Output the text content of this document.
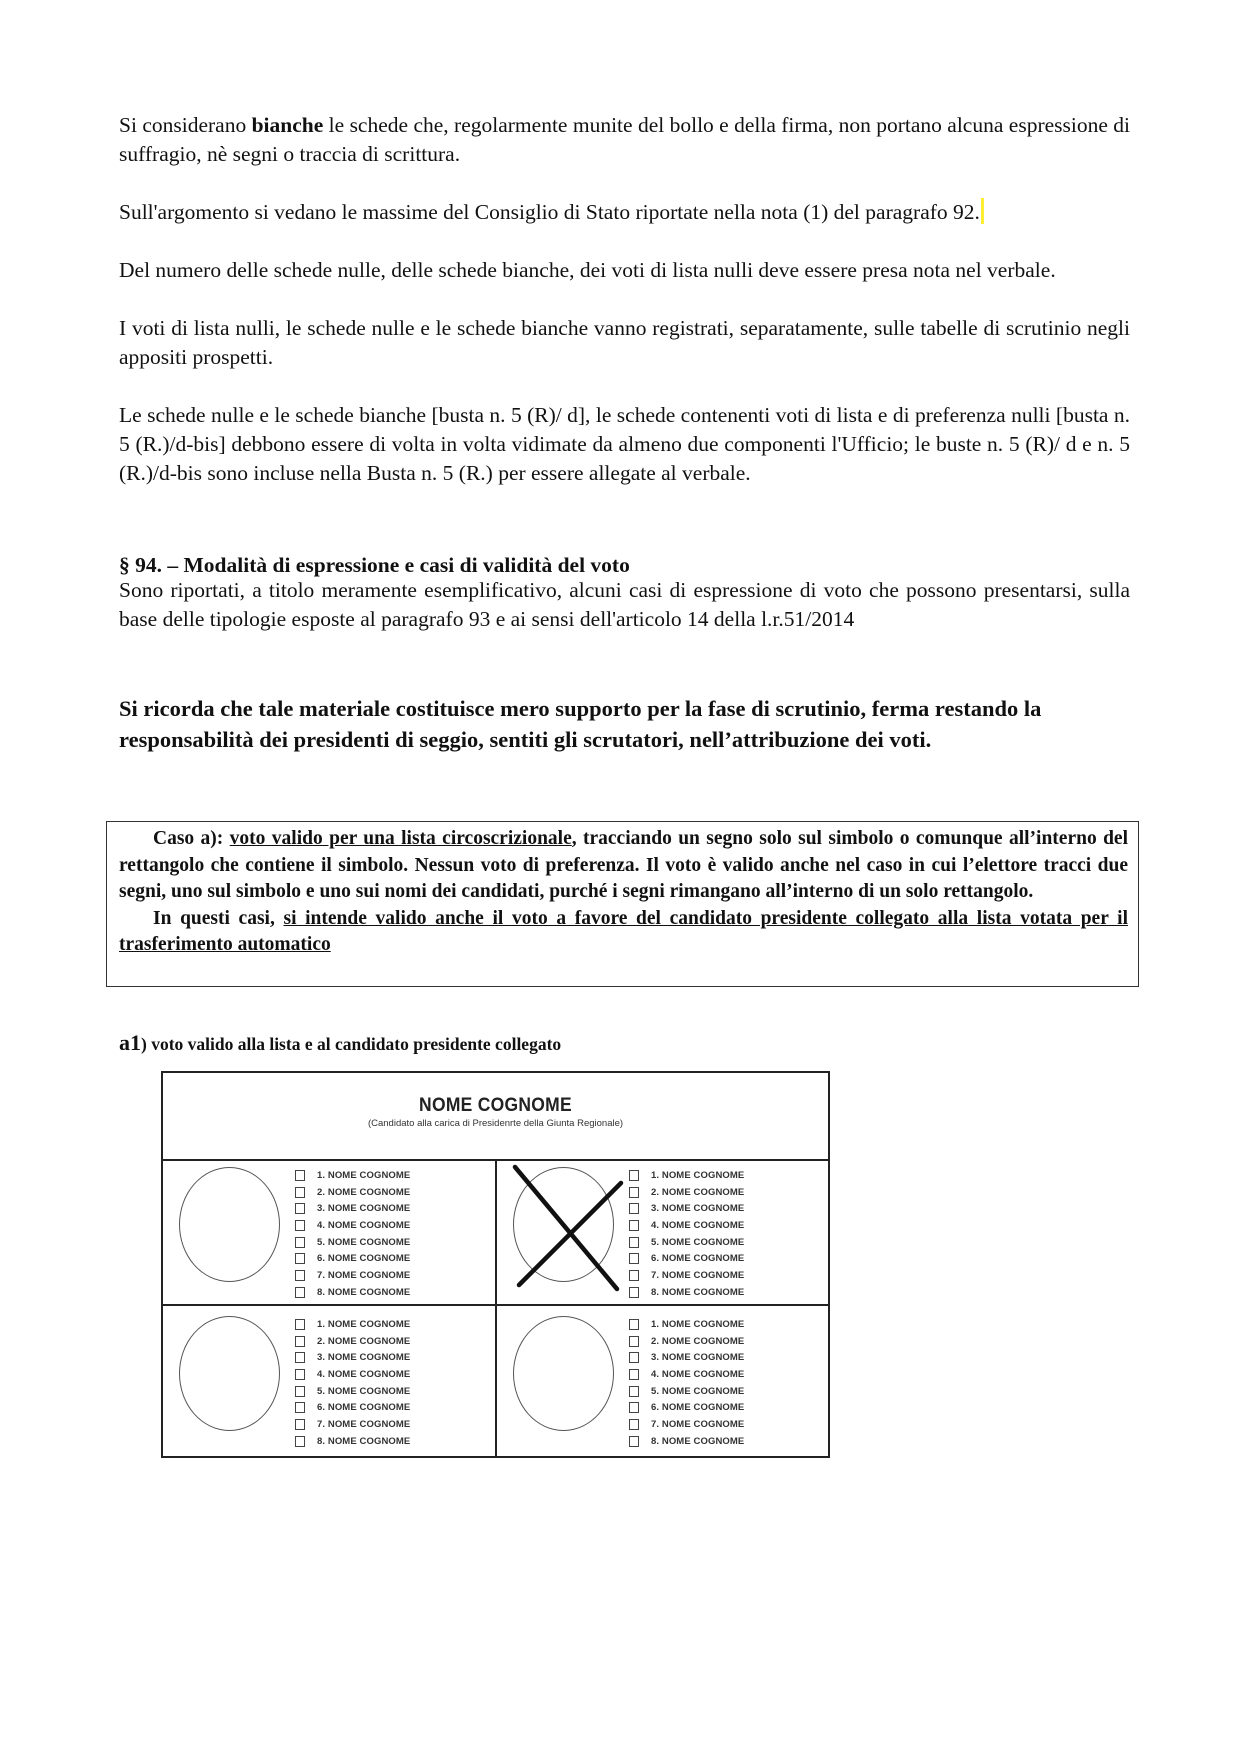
Si considerano bianche le schede che, regolarmente munite del bollo e della firma, non portano alcuna espressione di suffragio, nè segni o traccia di scrittura.

Sull'argomento si vedano le massime del Consiglio di Stato riportate nella nota (1) del paragrafo 92.

Del numero delle schede nulle, delle schede bianche, dei voti di lista nulli deve essere presa nota nel verbale.

I voti di lista nulli, le schede nulle e le schede bianche vanno registrati, separatamente, sulle tabelle di scrutinio negli appositi prospetti.

Le schede nulle e le schede bianche [busta n. 5 (R)/ d], le schede contenenti voti di lista e di preferenza nulli [busta n. 5 (R.)/d-bis] debbono essere di volta in volta vidimate da almeno due componenti l'Ufficio; le buste n. 5 (R)/ d e n. 5 (R.)/d-bis sono incluse nella Busta n. 5 (R.) per essere allegate al verbale.

§ 94. – Modalità di espressione e casi di validità del voto

Sono riportati, a titolo meramente esemplificativo, alcuni casi di espressione di voto che possono presentarsi, sulla base delle tipologie esposte al paragrafo 93 e ai sensi dell'articolo 14 della l.r.51/2014

Si ricorda che tale materiale costituisce mero supporto per la fase di scrutinio, ferma restando la responsabilità dei presidenti di seggio, sentiti gli scrutatori, nell’attribuzione dei voti.

Caso a): voto valido per una lista circoscrizionale, tracciando un segno solo sul simbolo o comunque all’interno del rettangolo che contiene il simbolo. Nessun voto di preferenza. Il voto è valido anche nel caso in cui l’elettore tracci due segni, uno sul simbolo e uno sui nomi dei candidati, purché i segni rimangano all’interno di un solo rettangolo.

In questi casi, si intende valido anche il voto a favore del candidato presidente collegato alla lista votata per il trasferimento automatico

a1) voto valido alla lista e al candidato presidente collegato

NOME COGNOME
(Candidato alla carica di Presidenrte della Giunta Regionale)
1. NOME COGNOME
2. NOME COGNOME
3. NOME COGNOME
4. NOME COGNOME
5. NOME COGNOME
6. NOME COGNOME
7. NOME COGNOME
8. NOME COGNOME
1. NOME COGNOME
2. NOME COGNOME
3. NOME COGNOME
4. NOME COGNOME
5. NOME COGNOME
6. NOME COGNOME
7. NOME COGNOME
8. NOME COGNOME
1. NOME COGNOME
2. NOME COGNOME
3. NOME COGNOME
4. NOME COGNOME
5. NOME COGNOME
6. NOME COGNOME
7. NOME COGNOME
8. NOME COGNOME
1. NOME COGNOME
2. NOME COGNOME
3. NOME COGNOME
4. NOME COGNOME
5. NOME COGNOME
6. NOME COGNOME
7. NOME COGNOME
8. NOME COGNOME
